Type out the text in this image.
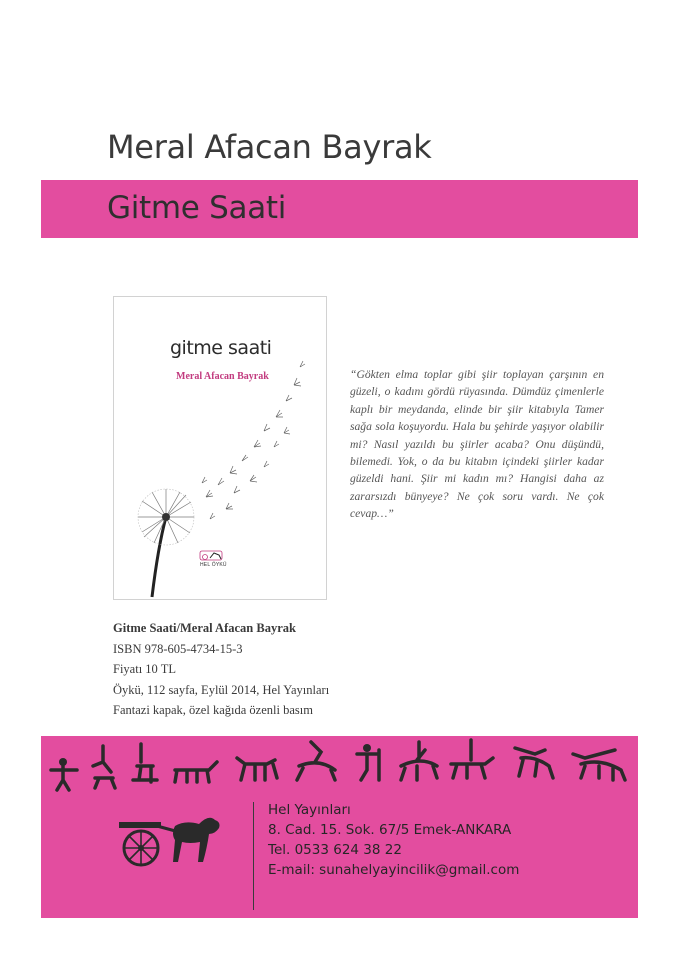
Meral Afacan Bayrak
Gitme Saati
gitme saati
Meral Afacan Bayrak
HEL ÖYKÜ
“Gökten elma toplar gibi şiir toplayan çarşının en güzeli, o kadını gördü rüyasında. Dümdüz çimenlerle kaplı bir meydanda, elinde bir şiir kitabıyla Tamer sağa sola koşuyordu. Hala bu şehirde yaşıyor olabilir mi? Nasıl yazıldı bu şiirler acaba? Onu düşündü, bilemedi. Yok, o da bu kitabın içindeki şiirler kadar güzeldi hani. Şiir mi kadın mı? Hangisi daha az zararsızdı bünyeye? Ne çok soru vardı. Ne çok cevap…”
Gitme Saati/Meral Afacan Bayrak
ISBN 978-605-4734-15-3
Fiyatı 10 TL
Öykü, 112 sayfa, Eylül 2014, Hel Yayınları
Fantazi kapak, özel kağıda özenli basım
Hel Yayınları
8. Cad. 15. Sok. 67/5 Emek-ANKARA
Tel. 0533 624 38 22
E-mail: sunahelyayincilik@gmail.com
